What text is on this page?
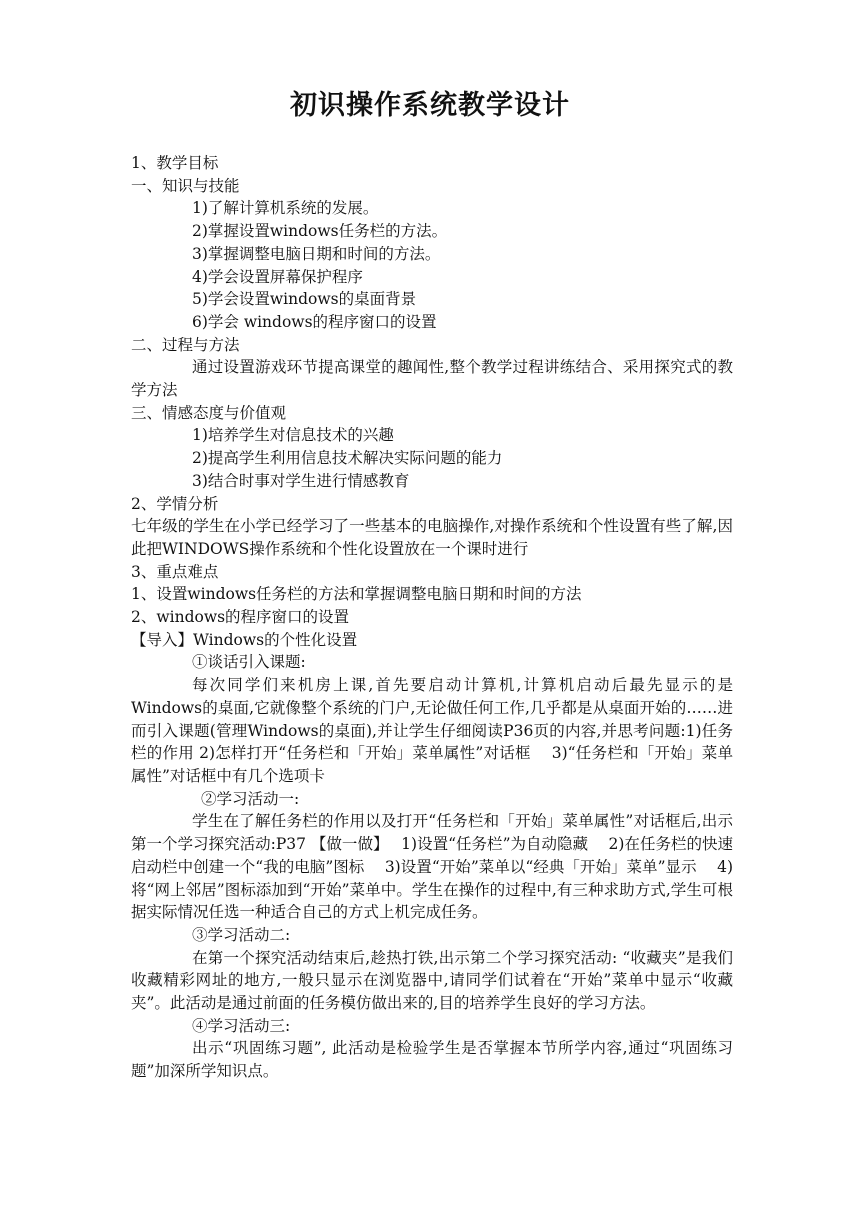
初识操作系统教学设计

1、教学目标

一、知识与技能

1)了解计算机系统的发展。

2)掌握设置windows任务栏的方法。

3)掌握调整电脑日期和时间的方法。

4)学会设置屏幕保护程序

5)学会设置windows的桌面背景

6)学会 windows的程序窗口的设置

二、过程与方法

通过设置游戏环节提高课堂的趣闻性,整个教学过程讲练结合、采用探究式的教学方法

三、情感态度与价值观

1)培养学生对信息技术的兴趣

2)提高学生利用信息技术解决实际问题的能力

3)结合时事对学生进行情感教育

2、学情分析

七年级的学生在小学已经学习了一些基本的电脑操作,对操作系统和个性设置有些了解,因此把WINDOWS操作系统和个性化设置放在一个课时进行

3、重点难点

1、设置windows任务栏的方法和掌握调整电脑日期和时间的方法

2、windows的程序窗口的设置

【导入】Windows的个性化设置

①谈话引入课题:

每次同学们来机房上课,首先要启动计算机,计算机启动后最先显示的是Windows的桌面,它就像整个系统的门户,无论做任何工作,几乎都是从桌面开始的……进而引入课题(管理Windows的桌面),并让学生仔细阅读P36页的内容,并思考问题:1)任务栏的作用 2)怎样打开“任务栏和「开始」菜单属性”对话框　 3)“任务栏和「开始」菜单属性”对话框中有几个选项卡

②学习活动一:

学生在了解任务栏的作用以及打开“任务栏和「开始」菜单属性”对话框后,出示第一个学习探究活动:P37 【做一做】　 1)设置“任务栏”为自动隐藏　 2)在任务栏的快速启动栏中创建一个“我的电脑”图标　 3)设置“开始”菜单以“经典「开始」菜单”显示　 4)将“网上邻居”图标添加到“开始”菜单中。学生在操作的过程中,有三种求助方式,学生可根据实际情况任选一种适合自己的方式上机完成任务。

③学习活动二:

在第一个探究活动结束后,趁热打铁,出示第二个学习探究活动: “收藏夹”是我们收藏精彩网址的地方,一般只显示在浏览器中,请同学们试着在“开始”菜单中显示“收藏夹”。此活动是通过前面的任务模仿做出来的,目的培养学生良好的学习方法。

④学习活动三:

出示“巩固练习题”, 此活动是检验学生是否掌握本节所学内容,通过“巩固练习题”加深所学知识点。
